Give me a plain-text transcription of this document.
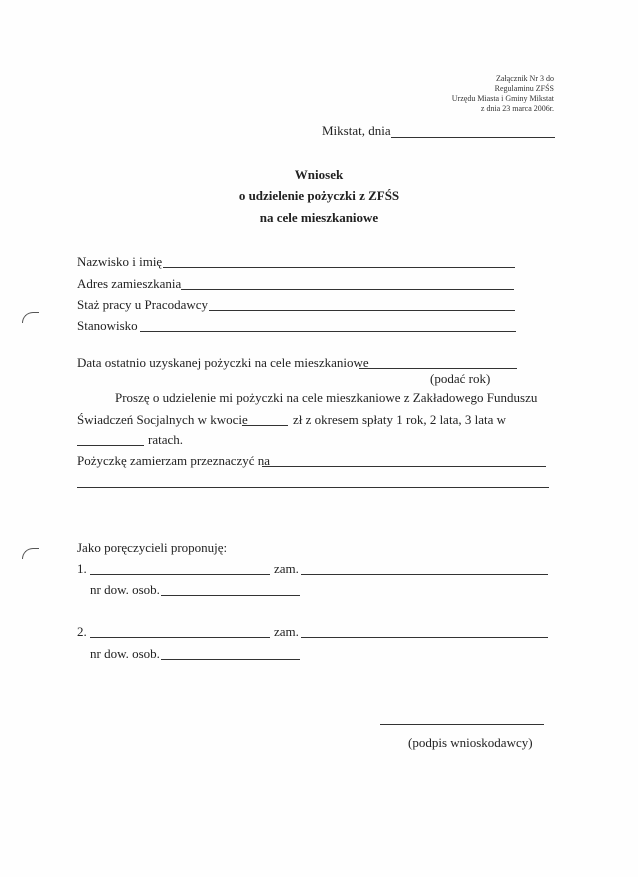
Załącznik Nr 3 do
Regulaminu ZFŚS
Urzędu Miasta i Gminy Mikstat
z dnia 23 marca 2006r.
Mikstat, dnia
Wniosek
o udzielenie pożyczki z ZFŚS
na cele mieszkaniowe
Nazwisko i imię
Adres zamieszkania
Staż pracy u Pracodawcy
Stanowisko
Data ostatnio uzyskanej pożyczki na cele mieszkaniowe
(podać rok)
Proszę o udzielenie mi pożyczki na cele mieszkaniowe z Zakładowego Funduszu
Świadczeń Socjalnych w kwocie	zł z okresem spłaty 1 rok, 2 lata, 3 lata w
ratach.
Pożyczkę zamierzam przeznaczyć na
Jako poręczycieli proponuję:
1.	zam.
nr dow. osob.
2.	zam.
nr dow. osob.
(podpis wnioskodawcy)
